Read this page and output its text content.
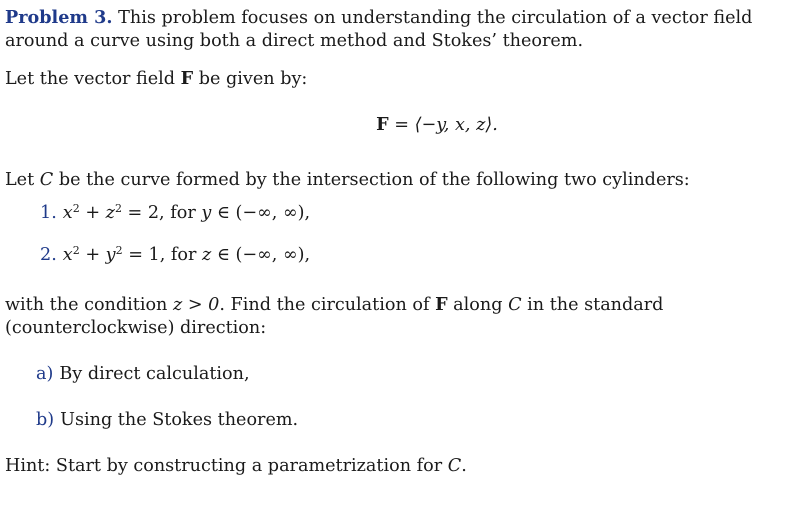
Problem 3. This problem focuses on understanding the circulation of a vector field around a curve using both a direct method and Stokes’ theorem.

Let the vector field F be given by:

F = ⟨−y, x, z⟩.

Let C be the curve formed by the intersection of the following two cylinders:

1. $x^2 + z^2 = 2$, for y ∈ (−∞, ∞),
2. $x^2 + y^2 = 1$, for z ∈ (−∞, ∞),

with the condition z > 0. Find the circulation of F along C in the standard (counterclockwise) direction:

a) By direct calculation,
b) Using the Stokes theorem.

Hint: Start by constructing a parametrization for C.
